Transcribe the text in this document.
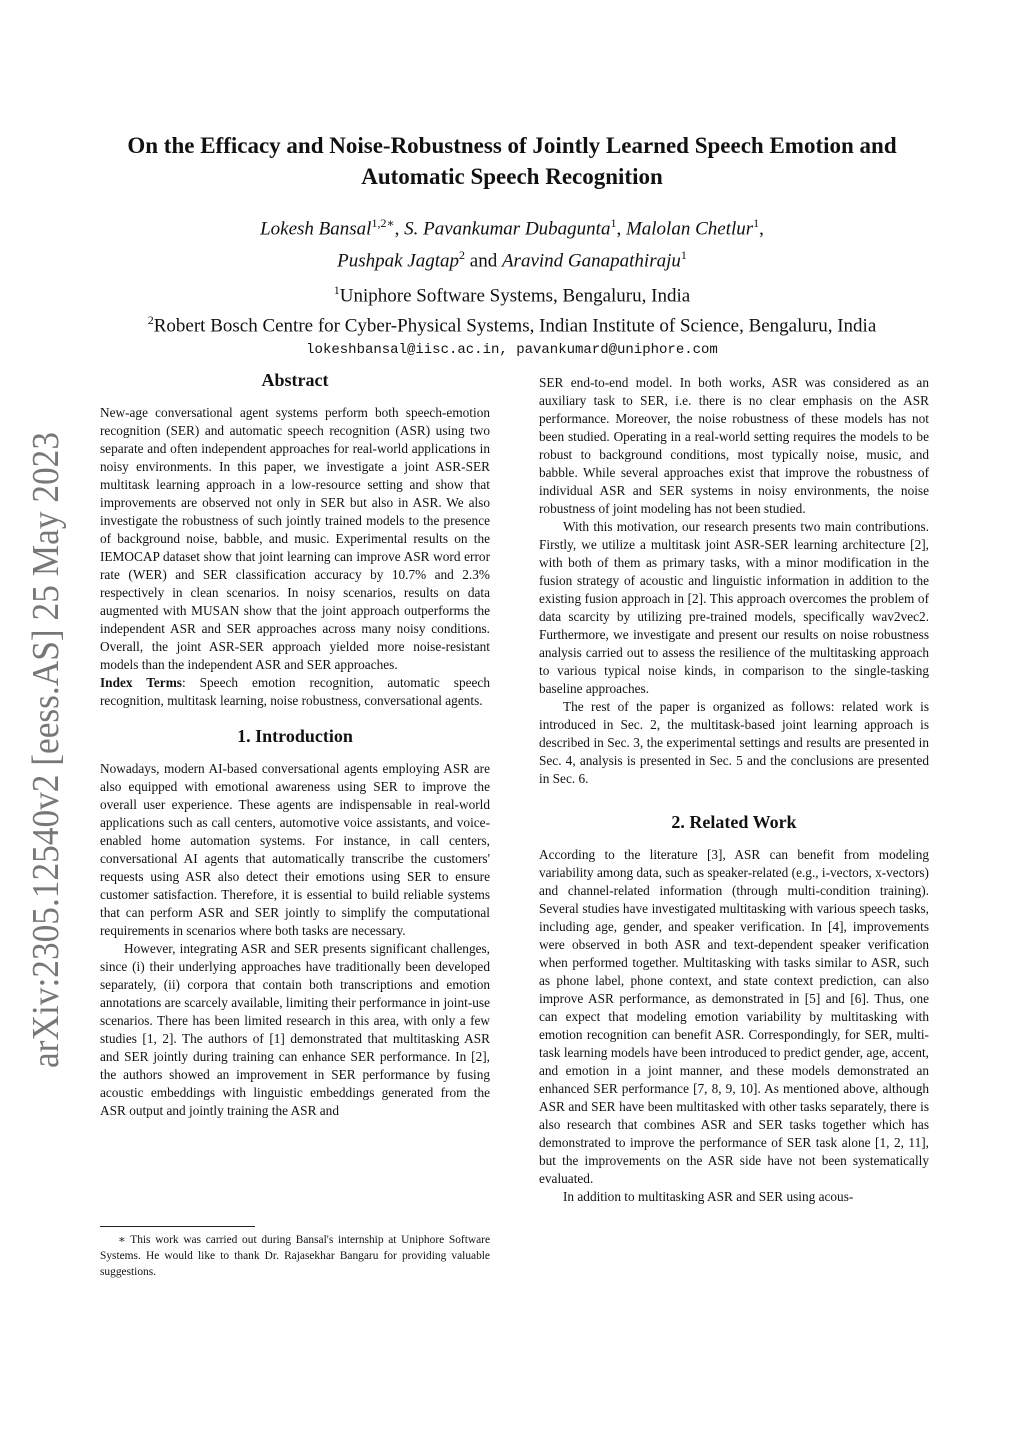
arXiv:2305.12540v2 [eess.AS] 25 May 2023
On the Efficacy and Noise-Robustness of Jointly Learned Speech Emotion and Automatic Speech Recognition
Lokesh Bansal$^{1,2∗}$, S. Pavankumar Dubagunta$^1$, Malolan Chetlur$^1$,
Pushpak Jagtap$^2$ and Aravind Ganapathiraju$^1$
$^1$Uniphore Software Systems, Bengaluru, India
$^2$Robert Bosch Centre for Cyber-Physical Systems, Indian Institute of Science, Bengaluru, India
lokeshbansal@iisc.ac.in, pavankumard@uniphore.com
Abstract

New-age conversational agent systems perform both speech-emotion recognition (SER) and automatic speech recognition (ASR) using two separate and often independent approaches for real-world applications in noisy environments. In this paper, we investigate a joint ASR-SER multitask learning approach in a low-resource setting and show that improvements are observed not only in SER but also in ASR. We also investigate the robustness of such jointly trained models to the presence of background noise, babble, and music. Experimental results on the IEMOCAP dataset show that joint learning can improve ASR word error rate (WER) and SER classification accuracy by 10.7% and 2.3% respectively in clean scenarios. In noisy scenarios, results on data augmented with MUSAN show that the joint approach outperforms the independent ASR and SER approaches across many noisy conditions. Overall, the joint ASR-SER approach yielded more noise-resistant models than the independent ASR and SER approaches.

Index Terms: Speech emotion recognition, automatic speech recognition, multitask learning, noise robustness, conversational agents.

1. Introduction

Nowadays, modern AI-based conversational agents employing ASR are also equipped with emotional awareness using SER to improve the overall user experience. These agents are indispensable in real-world applications such as call centers, automotive voice assistants, and voice-enabled home automation systems. For instance, in call centers, conversational AI agents that automatically transcribe the customers' requests using ASR also detect their emotions using SER to ensure customer satisfaction. Therefore, it is essential to build reliable systems that can perform ASR and SER jointly to simplify the computational requirements in scenarios where both tasks are necessary.

However, integrating ASR and SER presents significant challenges, since (i) their underlying approaches have traditionally been developed separately, (ii) corpora that contain both transcriptions and emotion annotations are scarcely available, limiting their performance in joint-use scenarios. There has been limited research in this area, with only a few studies [1, 2]. The authors of [1] demonstrated that multitasking ASR and SER jointly during training can enhance SER performance. In [2], the authors showed an improvement in SER performance by fusing acoustic embeddings with linguistic embeddings generated from the ASR output and jointly training the ASR and

∗ This work was carried out during Bansal's internship at Uniphore Software Systems. He would like to thank Dr. Rajasekhar Bangaru for providing valuable suggestions.

SER end-to-end model. In both works, ASR was considered as an auxiliary task to SER, i.e. there is no clear emphasis on the ASR performance. Moreover, the noise robustness of these models has not been studied. Operating in a real-world setting requires the models to be robust to background conditions, most typically noise, music, and babble. While several approaches exist that improve the robustness of individual ASR and SER systems in noisy environments, the noise robustness of joint modeling has not been studied.

With this motivation, our research presents two main contributions. Firstly, we utilize a multitask joint ASR-SER learning architecture [2], with both of them as primary tasks, with a minor modification in the fusion strategy of acoustic and linguistic information in addition to the existing fusion approach in [2]. This approach overcomes the problem of data scarcity by utilizing pre-trained models, specifically wav2vec2. Furthermore, we investigate and present our results on noise robustness analysis carried out to assess the resilience of the multitasking approach to various typical noise kinds, in comparison to the single-tasking baseline approaches.

The rest of the paper is organized as follows: related work is introduced in Sec. 2, the multitask-based joint learning approach is described in Sec. 3, the experimental settings and results are presented in Sec. 4, analysis is presented in Sec. 5 and the conclusions are presented in Sec. 6.

2. Related Work

According to the literature [3], ASR can benefit from modeling variability among data, such as speaker-related (e.g., i-vectors, x-vectors) and channel-related information (through multi-condition training). Several studies have investigated multitasking with various speech tasks, including age, gender, and speaker verification. In [4], improvements were observed in both ASR and text-dependent speaker verification when performed together. Multitasking with tasks similar to ASR, such as phone label, phone context, and state context prediction, can also improve ASR performance, as demonstrated in [5] and [6]. Thus, one can expect that modeling emotion variability by multitasking with emotion recognition can benefit ASR. Correspondingly, for SER, multi-task learning models have been introduced to predict gender, age, accent, and emotion in a joint manner, and these models demonstrated an enhanced SER performance [7, 8, 9, 10]. As mentioned above, although ASR and SER have been multitasked with other tasks separately, there is also research that combines ASR and SER tasks together which has demonstrated to improve the performance of SER task alone [1, 2, 11], but the improvements on the ASR side have not been systematically evaluated.

In addition to multitasking ASR and SER using acous-
